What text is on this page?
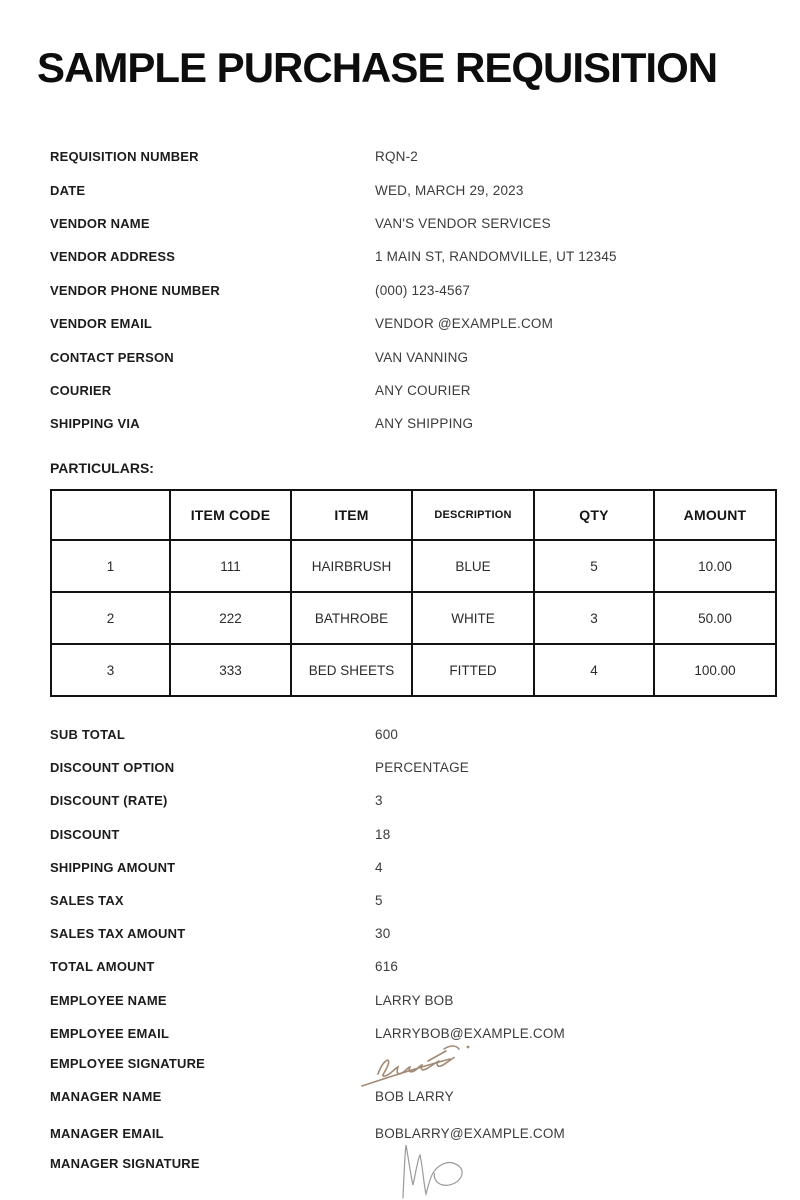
SAMPLE PURCHASE REQUISITION
REQUISITION NUMBER	RQN-2
DATE	WED, MARCH 29, 2023
VENDOR NAME	VAN'S VENDOR SERVICES
VENDOR ADDRESS	1 MAIN ST, RANDOMVILLE, UT 12345
VENDOR PHONE NUMBER	(000) 123-4567
VENDOR EMAIL	VENDOR @EXAMPLE.COM
CONTACT PERSON	VAN VANNING
COURIER	ANY COURIER
SHIPPING VIA	ANY SHIPPING
PARTICULARS:
	ITEM CODE	ITEM	DESCRIPTION	QTY	AMOUNT
1	111	HAIRBRUSH	BLUE	5	10.00
2	222	BATHROBE	WHITE	3	50.00
3	333	BED SHEETS	FITTED	4	100.00
SUB TOTAL	600
DISCOUNT OPTION	PERCENTAGE
DISCOUNT (RATE)	3
DISCOUNT	18
SHIPPING AMOUNT	4
SALES TAX	5
SALES TAX AMOUNT	30
TOTAL AMOUNT	616
EMPLOYEE NAME	LARRY BOB
EMPLOYEE EMAIL	LARRYBOB@EXAMPLE.COM
EMPLOYEE SIGNATURE
MANAGER NAME	BOB LARRY
MANAGER EMAIL	BOBLARRY@EXAMPLE.COM
MANAGER SIGNATURE
